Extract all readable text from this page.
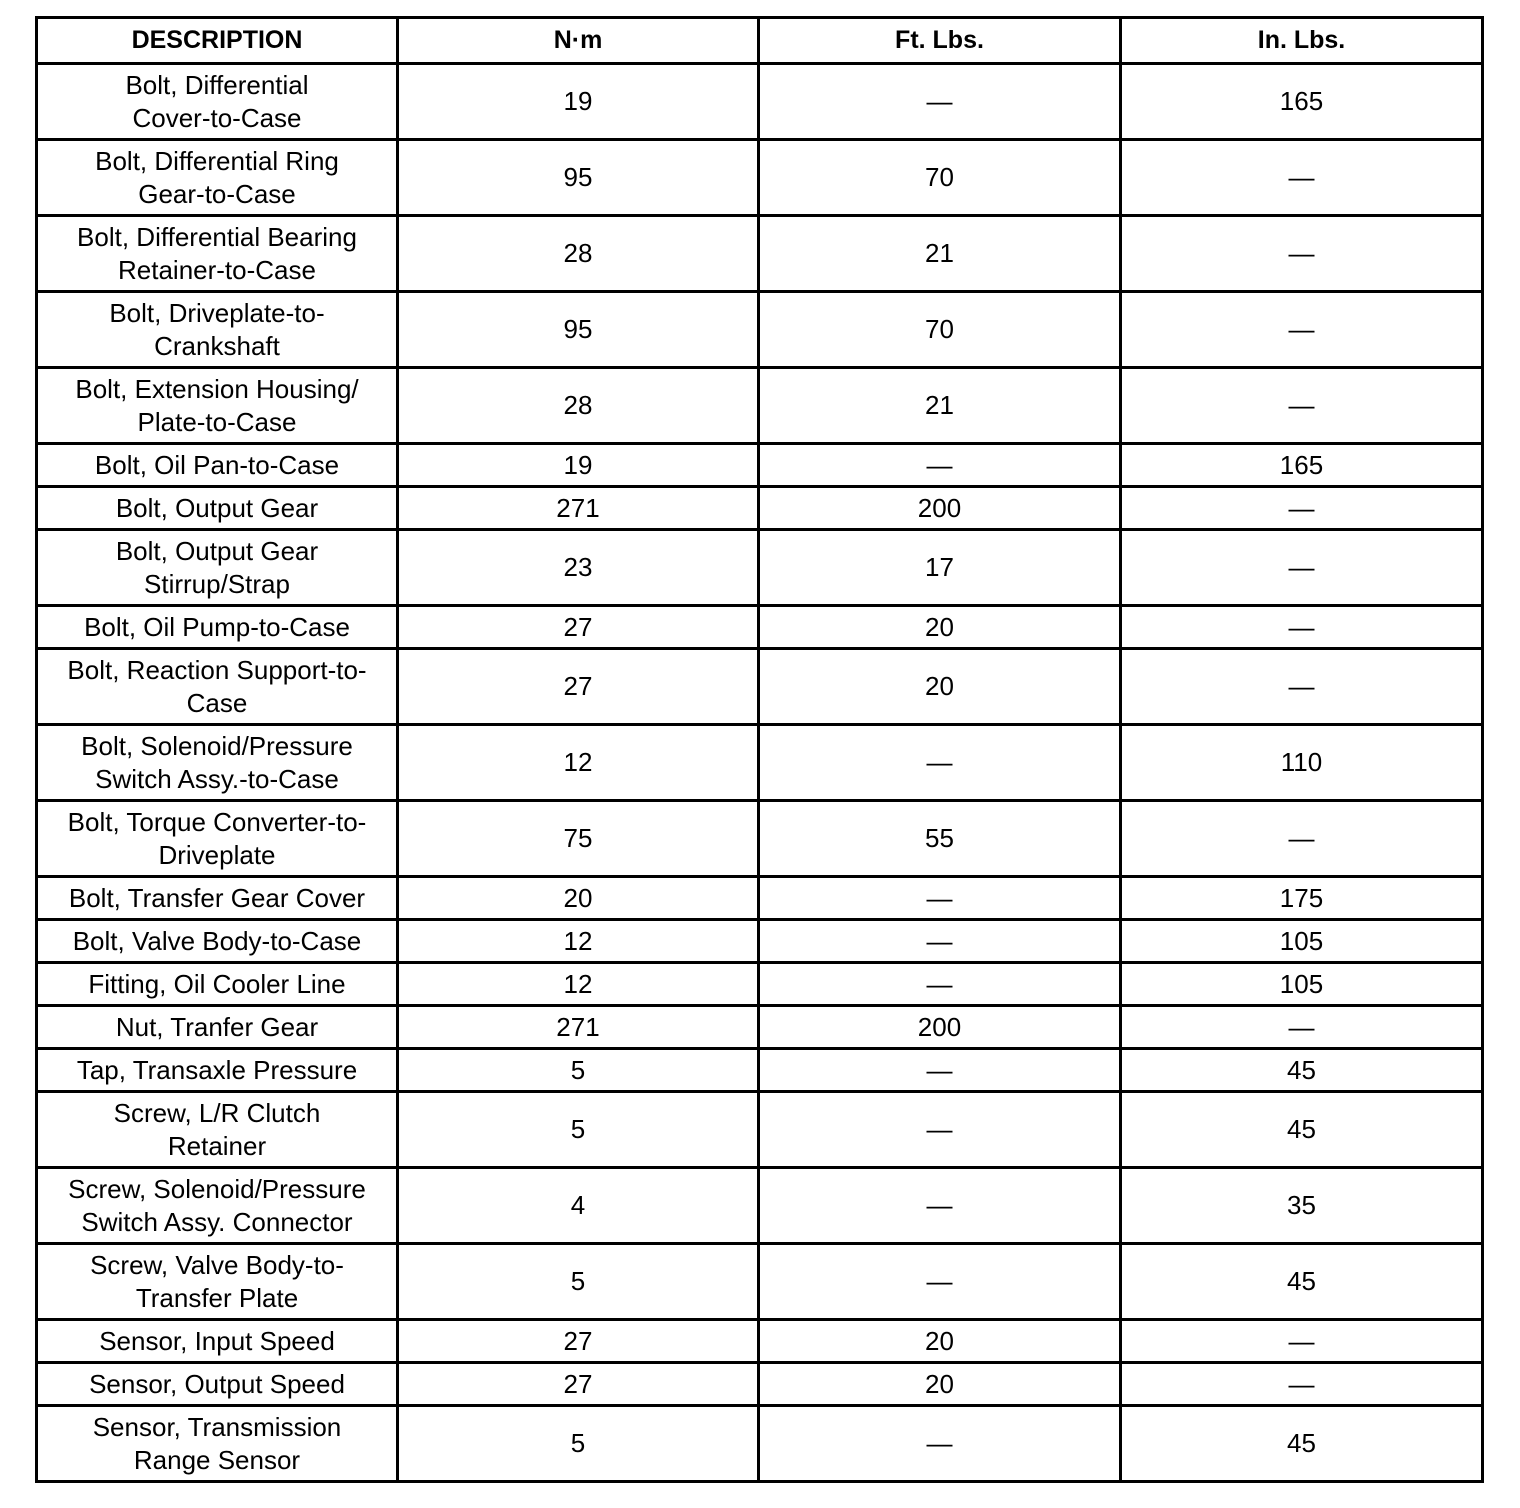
DESCRIPTION	N·m	Ft. Lbs.	In. Lbs.

Bolt, Differential
Cover-to-Case	19	—	165

Bolt, Differential Ring
Gear-to-Case	95	70	—

Bolt, Differential Bearing
Retainer-to-Case	28	21	—

Bolt, Driveplate-to-
Crankshaft	95	70	—

Bolt, Extension Housing/
Plate-to-Case	28	21	—

Bolt, Oil Pan-to-Case	19	—	165

Bolt, Output Gear	271	200	—

Bolt, Output Gear
Stirrup/Strap	23	17	—

Bolt, Oil Pump-to-Case	27	20	—

Bolt, Reaction Support-to-
Case	27	20	—

Bolt, Solenoid/Pressure
Switch Assy.-to-Case	12	—	110

Bolt, Torque Converter-to-
Driveplate	75	55	—

Bolt, Transfer Gear Cover	20	—	175

Bolt, Valve Body-to-Case	12	—	105

Fitting, Oil Cooler Line	12	—	105

Nut, Tranfer Gear	271	200	—

Tap, Transaxle Pressure	5	—	45

Screw, L/R Clutch
Retainer	5	—	45

Screw, Solenoid/Pressure
Switch Assy. Connector	4	—	35

Screw, Valve Body-to-
Transfer Plate	5	—	45

Sensor, Input Speed	27	20	—

Sensor, Output Speed	27	20	—

Sensor, Transmission
Range Sensor	5	—	45
